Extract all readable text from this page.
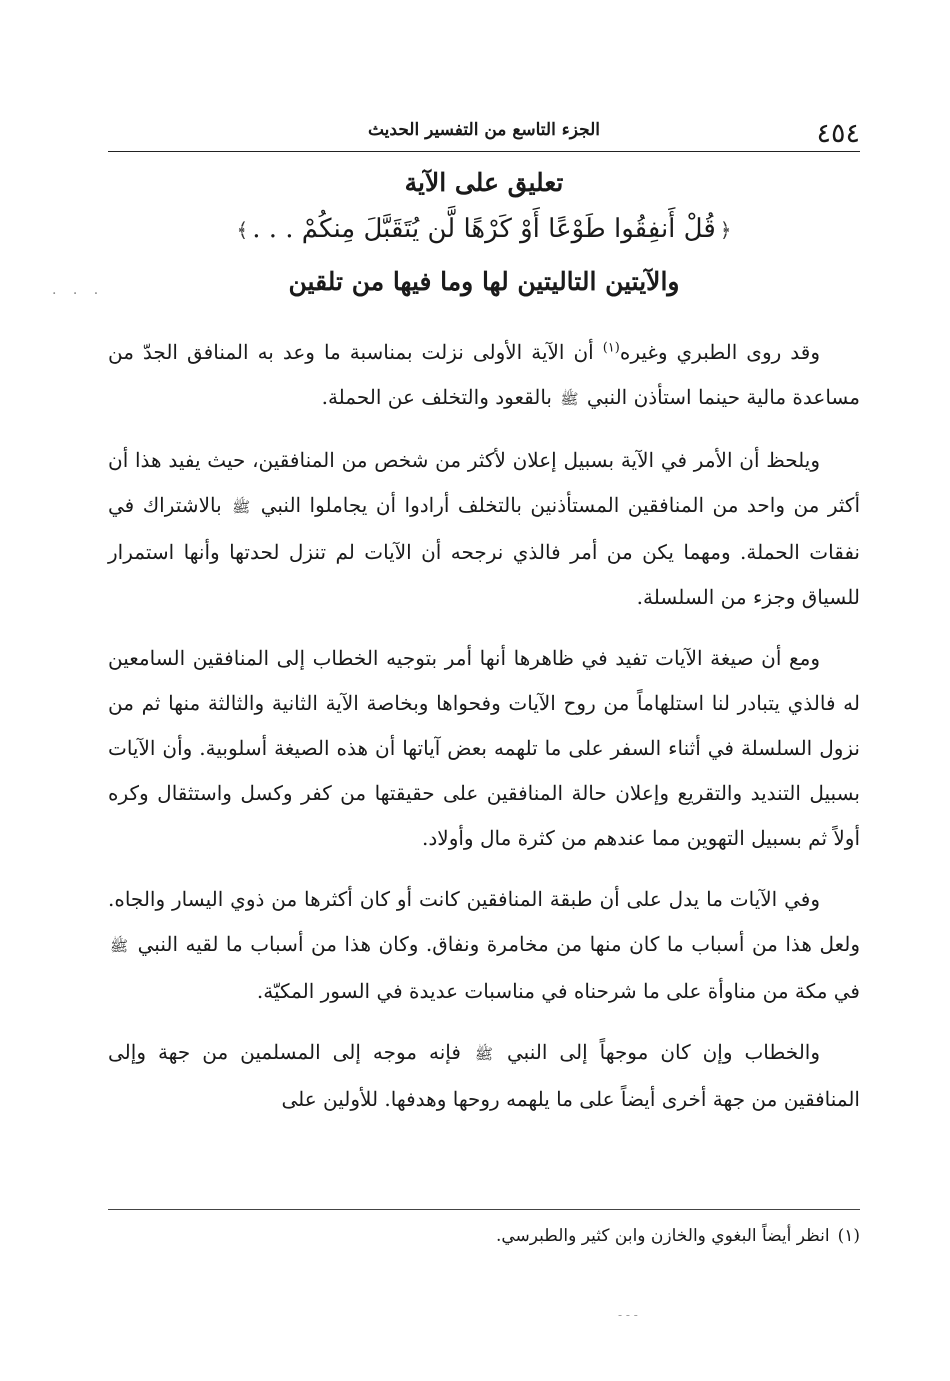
٤٥٤
الجزء التاسع من التفسير الحديث
تعليق على الآية
﴿قُلْ أَنفِقُوا طَوْعًا أَوْ كَرْهًا لَّن يُتَقَبَّلَ مِنكُمْ . . .﴾
والآيتين التاليتين لها وما فيها من تلقين
· · ·

وقد روى الطبري وغيره$^{(١)}$ أن الآية الأولى نزلت بمناسبة ما وعد به المنافق الجدّ من مساعدة مالية حينما استأذن النبي ﷺ بالقعود والتخلف عن الحملة.

ويلحظ أن الأمر في الآية بسبيل إعلان لأكثر من شخص من المنافقين، حيث يفيد هذا أن أكثر من واحد من المنافقين المستأذنين بالتخلف أرادوا أن يجاملوا النبي ﷺ بالاشتراك في نفقات الحملة. ومهما يكن من أمر فالذي نرجحه أن الآيات لم تنزل لحدتها وأنها استمرار للسياق وجزء من السلسلة.

ومع أن صيغة الآيات تفيد في ظاهرها أنها أمر بتوجيه الخطاب إلى المنافقين السامعين له فالذي يتبادر لنا استلهاماً من روح الآيات وفحواها وبخاصة الآية الثانية والثالثة منها ثم من نزول السلسلة في أثناء السفر على ما تلهمه بعض آياتها أن هذه الصيغة أسلوبية. وأن الآيات بسبيل التنديد والتقريع وإعلان حالة المنافقين على حقيقتها من كفر وكسل واستثقال وكره أولاً ثم بسبيل التهوين مما عندهم من كثرة مال وأولاد.

وفي الآيات ما يدل على أن طبقة المنافقين كانت أو كان أكثرها من ذوي اليسار والجاه. ولعل هذا من أسباب ما كان منها من مخامرة ونفاق. وكان هذا من أسباب ما لقيه النبي ﷺ في مكة من مناوأة على ما شرحناه في مناسبات عديدة في السور المكيّة.

والخطاب وإن كان موجهاً إلى النبي ﷺ فإنه موجه إلى المسلمين من جهة وإلى المنافقين من جهة أخرى أيضاً على ما يلهمه روحها وهدفها. للأولين على

(١)انظر أيضاً البغوي والخازن وابن كثير والطبرسي.
- - -
